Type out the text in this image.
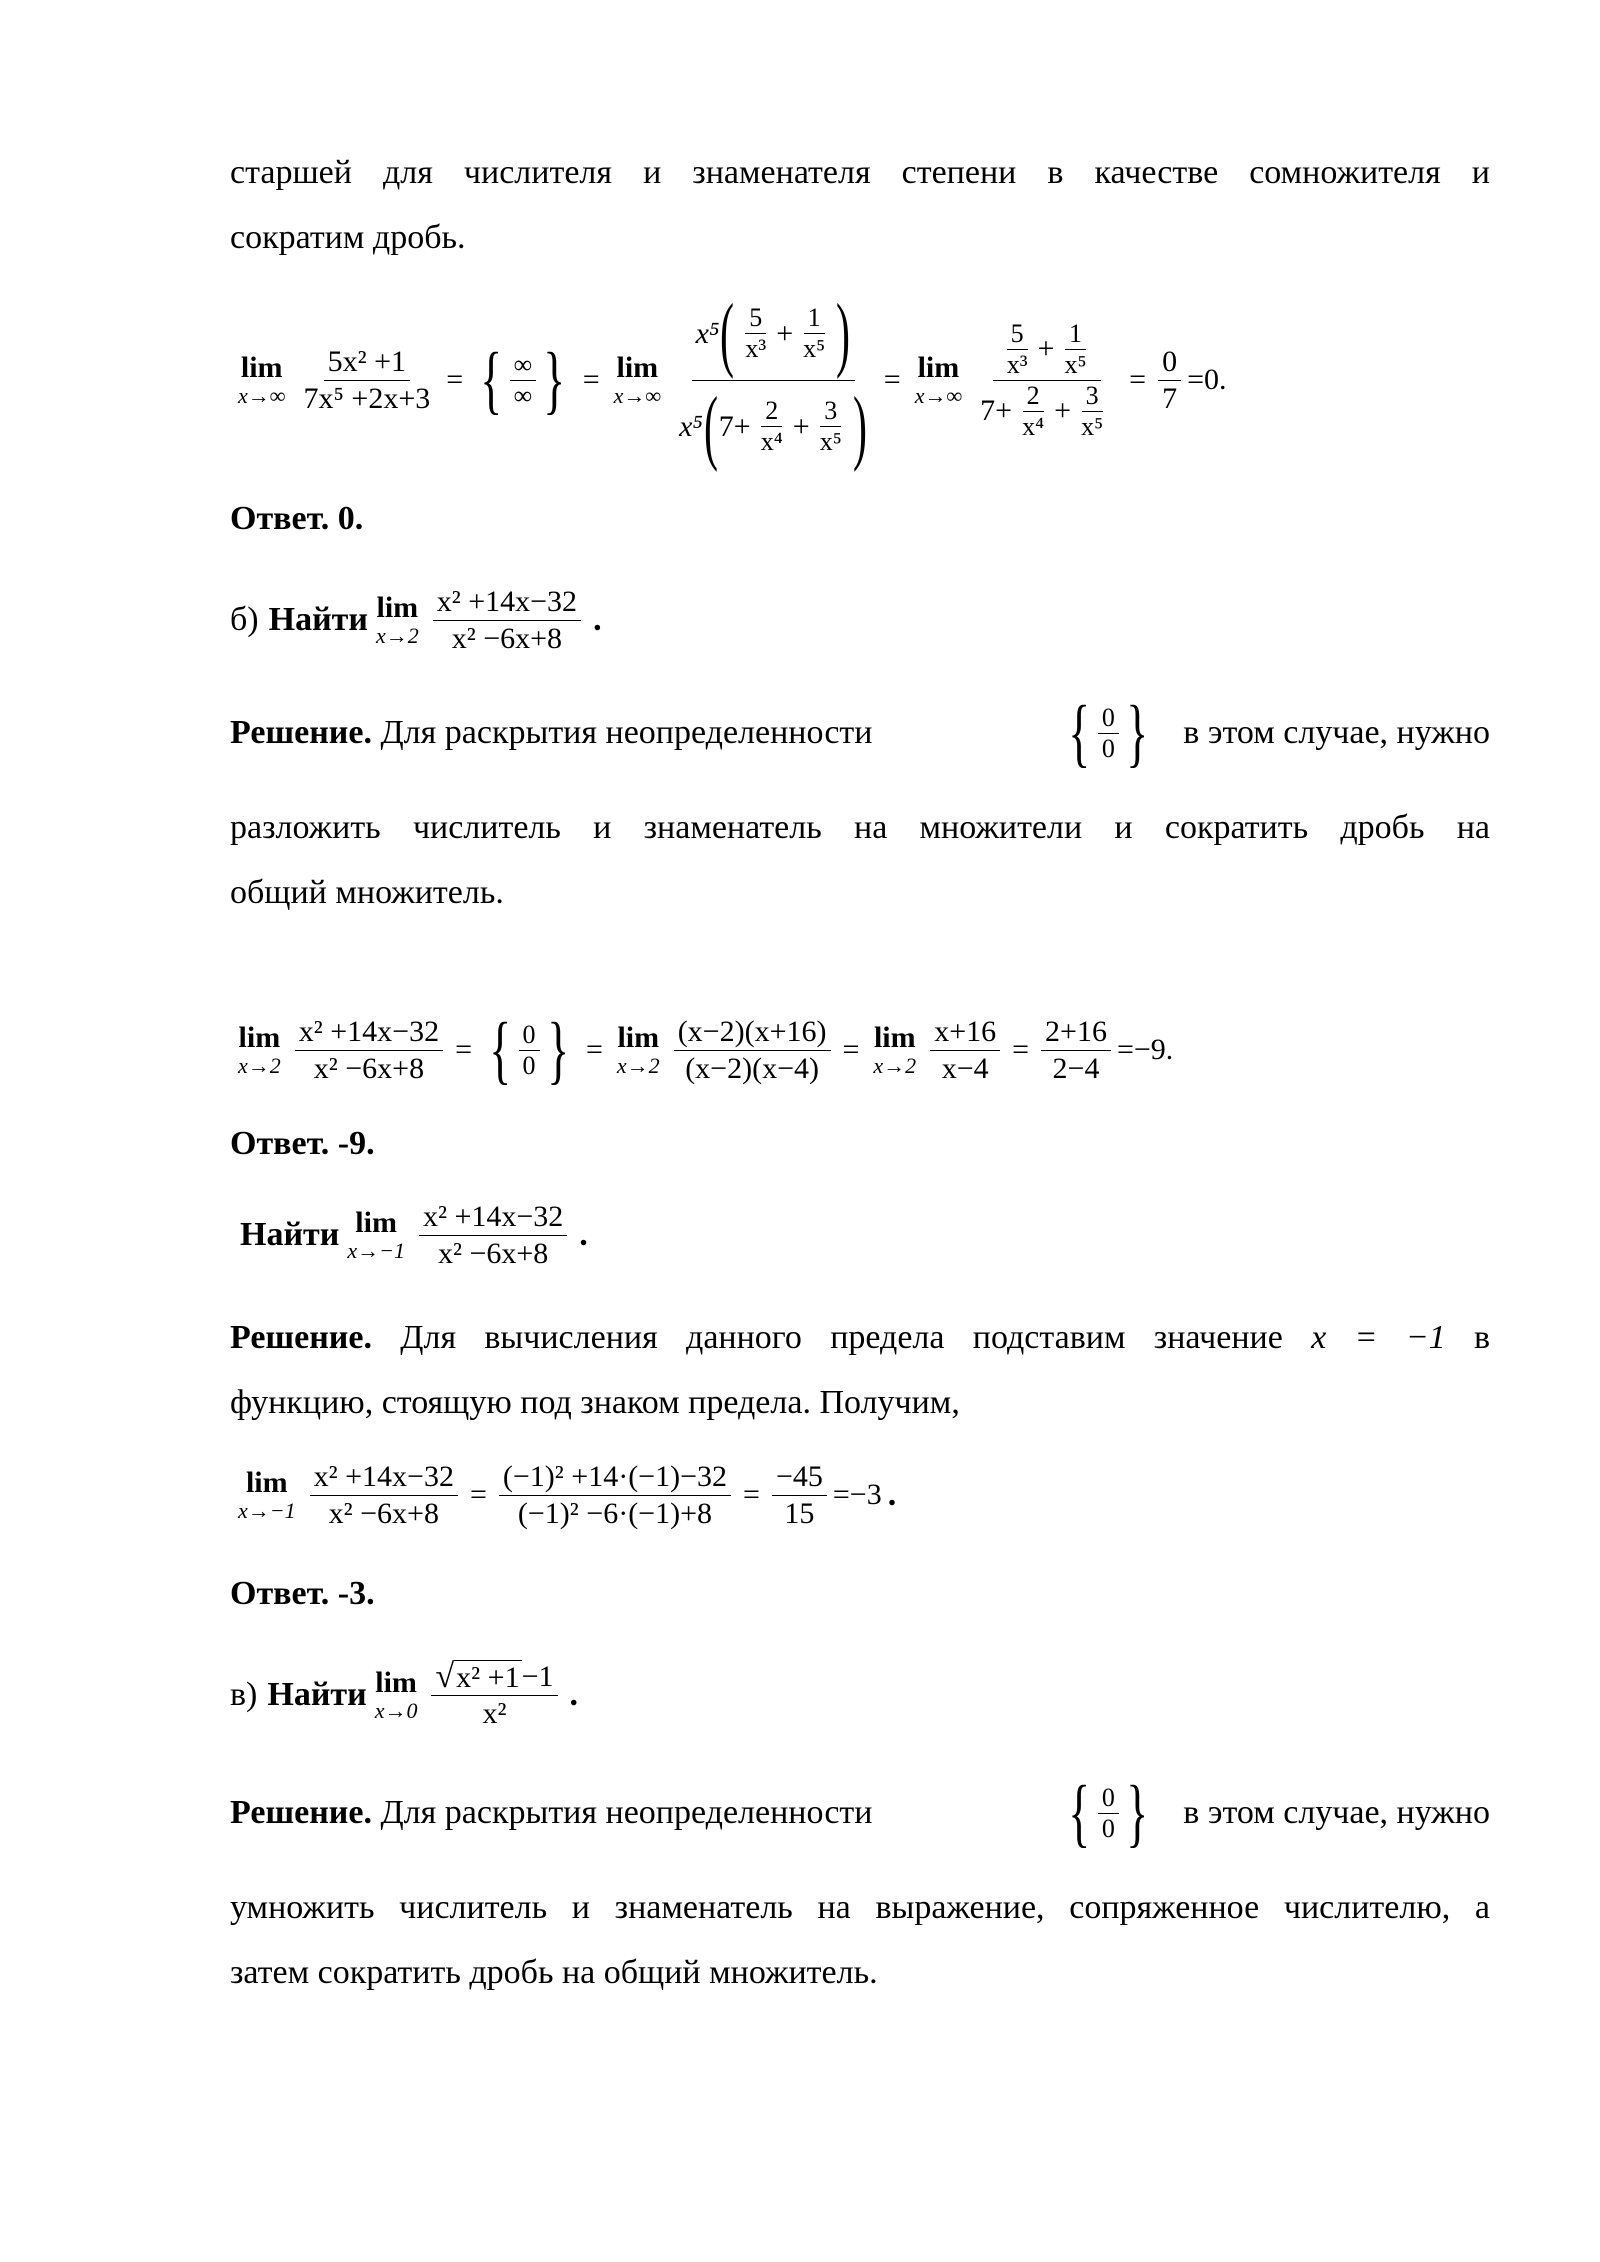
старшей для числителя и знаменателя степени в качестве сомножителя и
сократим дробь.
lim
$x\to\infty \frac{\text{5x² +1}}{\text{7x⁵ +2x+3}}$ = { $\frac{\infty}{\infty}$ } = lim
x→∞
x⁵ ( $\frac{5}{\text{x³}} + \frac{1}{\text{x⁵}}$ )
x⁵ ( $7+ \frac{2}{\text{x⁴}} + \frac{3}{\text{x⁵}}$ ) = lim
$x\to\infty \frac{\frac{5}{\text{x³}} + \frac{1}{\text{x⁵}}}{7+ \frac{2}{\text{x⁴}} + \frac{3}{\text{x⁵}}} = \frac{0}{7} =0$.
Ответ. 0.
б) Найти lim
$x\to 2 \frac{\text{x² +14x−32}}{\text{x² −6x+8}}$ .
Решение. Для раскрытия неопределенности	{ $\frac{0}{0}$ } в этом случае, нужно
разложить числитель и знаменатель на множители и сократить дробь на
общий множитель.
lim
$x\to 2 \frac{\text{x² +14x−32}}{\text{x² −6x+8}}$ = { $\frac{0}{0}$ } = lim
$x\to 2 \frac{(x-2)(x+16)}{(x-2)(x-4)} = \lim$
$x\to 2 \frac{x+16}{x-4} = \frac{2+16}{2-4} =-9$.
Ответ. -9.
Найти lim
$x\to-1 \frac{\text{x² +14x−32}}{\text{x² −6x+8}}$ .
Решение. Для вычисления данного предела подставим значение x = −1 в
функцию, стоящую под знаком предела. Получим,
lim
$x\to-1 \frac{\text{x² +14x−32}}{\text{x² −6x+8}} = \frac{\text{(−1)² +14·(−1)−32}}{\text{(−1)² −6·(−1)+8}} = \frac{-45}{15} =-3$ .
Ответ. -3.
в) Найти lim
$x\to 0 \frac{\text{√ x² +1 −1}}{\text{x²}}$ .
Решение. Для раскрытия неопределенности	{ $\frac{0}{0}$ } в этом случае, нужно
умножить числитель и знаменатель на выражение, сопряженное числителю, а
затем сократить дробь на общий множитель.
